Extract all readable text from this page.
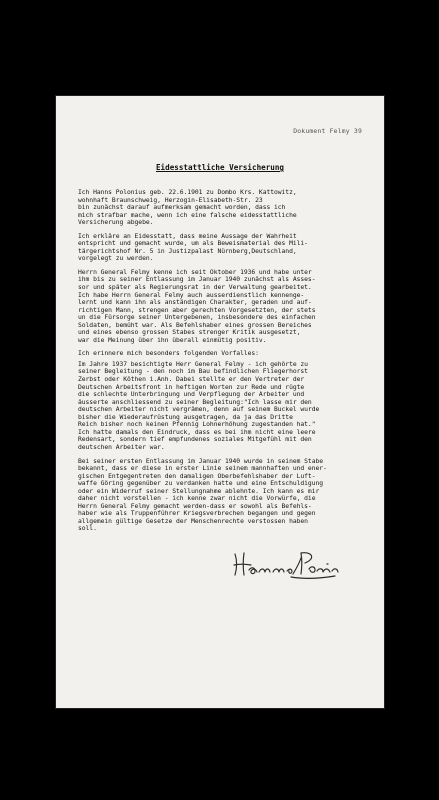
Dokument Felmy 39
Eidesstattliche Versicherung

Ich Hanns Polonius geb. 22.6.1901 zu Dombo Krs. Kattowitz,
wohnhaft Braunschweig, Herzogin-Elisabeth-Str. 23
bin zunächst darauf aufmerksam gemacht worden, dass ich
mich strafbar mache, wenn ich eine falsche eidesstattliche
Versicherung abgebe.

Ich erkläre an Eidesstatt, dass meine Aussage der Wahrheit
entspricht und gemacht wurde, um als Beweismaterial des Mili-
tärgerichtshof Nr. 5 in Justizpalast Nürnberg,Deutschland,
vorgelegt zu werden.

Herrn General Felmy kenne ich seit Oktober 1936 und habe unter
ihm bis zu seiner Entlassung im Januar 1940 zunächst als Asses-
sor und später als Regierungsrat in der Verwaltung gearbeitet.
Ich habe Herrn General Felmy auch ausserdienstlich kennenge-
lernt und kann ihn als anständigen Charakter, geraden und auf-
richtigen Mann, strengen aber gerechten Vorgesetzten, der stets
un die Fürsorge seiner Untergebenen, insbesondere des einfachen
Soldaten, bemüht war. Als Befehlshaber eines grossen Bereiches
und eines ebenso grossen Stabes strenger Kritik ausgesetzt,
war die Meinung über ihn überall einmütig positiv.

Ich erinnere mich besonders folgenden Vorfalles:

Im Jahre 1937 besichtigte Herr General Felmy - ich gehörte zu
seiner Begleitung - den noch im Bau befindlichen Fliegerhorst
Zerbst oder Köthen i.Anh. Dabei stellte er den Vertreter der
Deutschen Arbeitsfront in heftigen Worten zur Rede und rügte
die schlechte Unterbringung und Verpflegung der Arbeiter und
äusserte anschliessend zu seiner Begleitung:"Ich lasse mir den
deutschen Arbeiter nicht vergrämen, denn auf seinem Buckel wurde
bisher die Wiederaufrüstung ausgetragen, da ja das Dritte
Reich bisher noch keinen Pfennig Lohnerhöhung zugestanden hat."
Ich hatte damals den Eindruck, dass es bei ihm nicht eine leere
Redensart, sondern tief empfundenes soziales Mitgefühl mit den
deutschen Arbeiter war.

Bei seiner ersten Entlassung im Januar 1940 wurde in seinem Stabe
bekannt, dass er diese in erster Linie seinem mannhaften und ener-
gischen Entgegentreten den damaligen Oberbefehlshaber der Luft-
waffe Göring gegenüber zu verdanken hatte und eine Entschuldigung
oder ein Widerruf seiner Stellungnahme ablehnte. Ich kann es mir
daher nicht vorstellen - ich kenne zwar nicht die Vorwürfe, die
Herrn General Felmy gemacht werden-dass er sowohl als Befehls-
haber wie als Truppenführer Kriegsverbrechen begangen und gegen
allgemein gültige Gesetze der Menschenrechte verstossen haben
soll.
